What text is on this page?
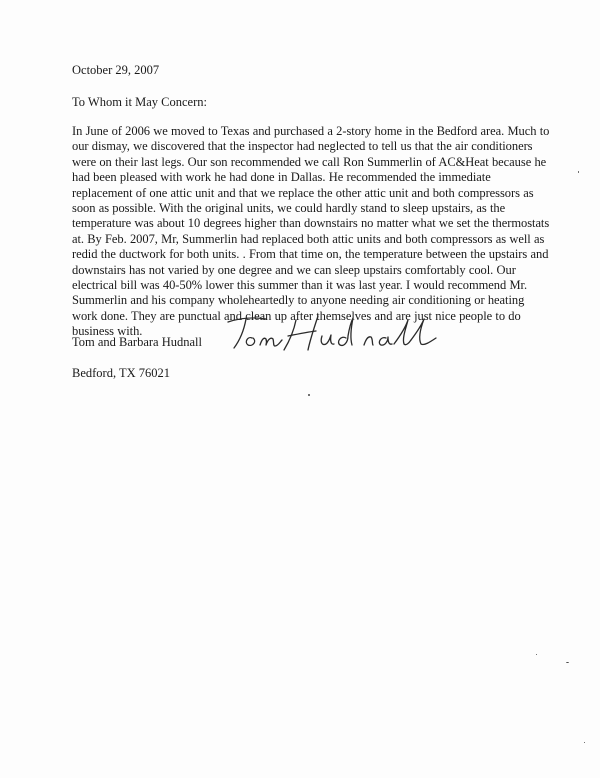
October 29, 2007
To Whom it May Concern:
In June of 2006 we moved to Texas and purchased a 2-story home in the Bedford area. Much to our dismay, we discovered that the inspector had neglected to tell us that the air conditioners were on their last legs. Our son recommended we call Ron Summerlin of AC&Heat because he had been pleased with work he had done in Dallas. He recommended the immediate replacement of one attic unit and that we replace the other attic unit and both compressors as soon as possible. With the original units, we could hardly stand to sleep upstairs, as the temperature was about 10 degrees higher than downstairs no matter what we set the thermostats at. By Feb. 2007, Mr, Summerlin had replaced both attic units and both compressors as well as redid the ductwork for both units. . From that time on, the temperature between the upstairs and downstairs has not varied by one degree and we can sleep upstairs comfortably cool. Our electrical bill was 40-50% lower this summer than it was last year. I would recommend Mr. Summerlin and his company wholeheartedly to anyone needing air conditioning or heating work done. They are punctual and clean up after themselves and are just nice people to do business with.
Tom and Barbara Hudnall
Bedford, TX 76021
